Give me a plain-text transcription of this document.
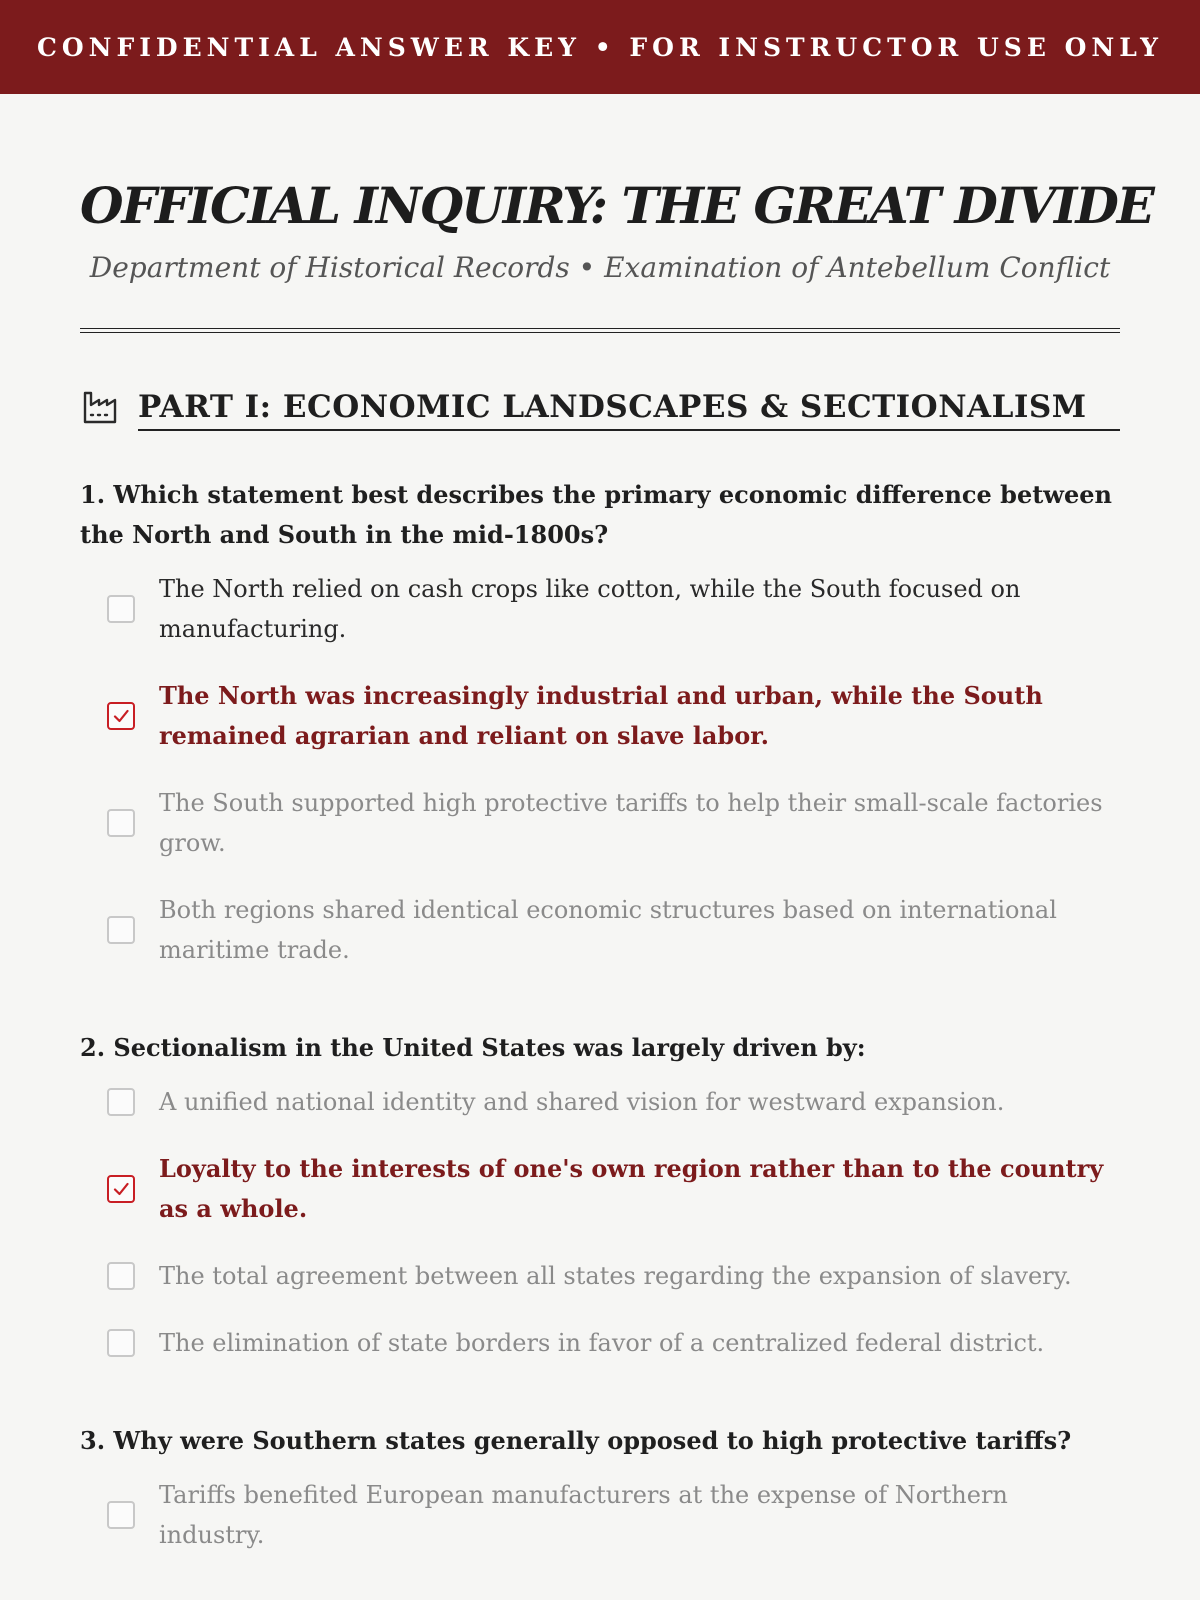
CONFIDENTIAL ANSWER KEY • FOR INSTRUCTOR USE ONLY
OFFICIAL INQUIRY: THE GREAT DIVIDE
Department of Historical Records • Examination of Antebellum Conflict
PART I: ECONOMIC LANDSCAPES & SECTIONALISM
1. Which statement best describes the primary economic difference between the North and South in the mid-1800s?
The North relied on cash crops like cotton, while the South focused on manufacturing.
The North was increasingly industrial and urban, while the South remained agrarian and reliant on slave labor.
The South supported high protective tariffs to help their small-scale factories grow.
Both regions shared identical economic structures based on international maritime trade.
2. Sectionalism in the United States was largely driven by:
A unified national identity and shared vision for westward expansion.
Loyalty to the interests of one's own region rather than to the country as a whole.
The total agreement between all states regarding the expansion of slavery.
The elimination of state borders in favor of a centralized federal district.
3. Why were Southern states generally opposed to high protective tariffs?
Tariffs benefited European manufacturers at the expense of Northern industry.
